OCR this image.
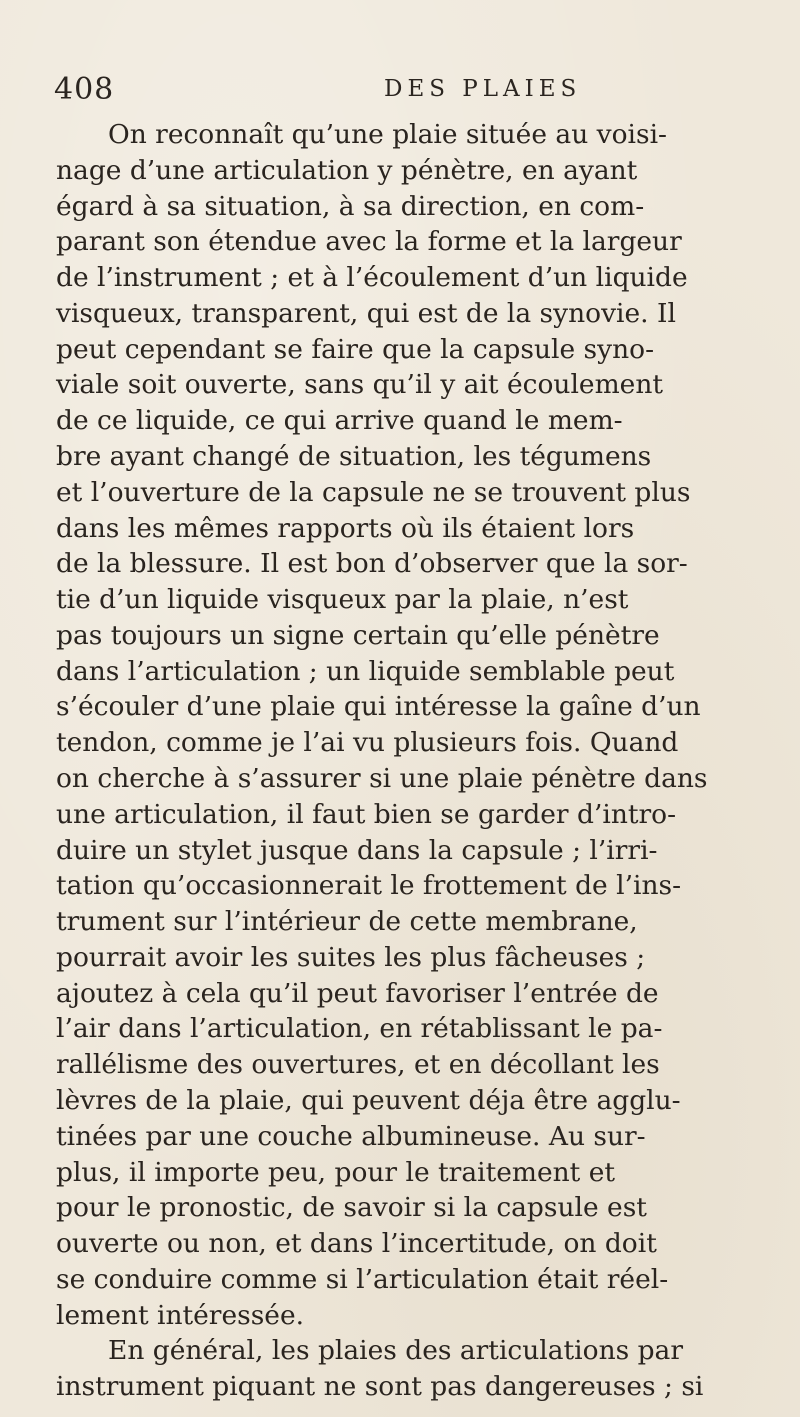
408	DES PLAIES
On reconnaît qu’une plaie située au voisi-
nage d’une articulation y pénètre, en ayant
égard à sa situation, à sa direction, en com-
parant son étendue avec la forme et la largeur
de l’instrument ; et à l’écoulement d’un liquide
visqueux, transparent, qui est de la synovie. Il
peut cependant se faire que la capsule syno-
viale soit ouverte, sans qu’il y ait écoulement
de ce liquide, ce qui arrive quand le mem-
bre ayant changé de situation, les tégumens
et l’ouverture de la capsule ne se trouvent plus
dans les mêmes rapports où ils étaient lors
de la blessure. Il est bon d’observer que la sor-
tie d’un liquide visqueux par la plaie, n’est
pas toujours un signe certain qu’elle pénètre
dans l’articulation ; un liquide semblable peut
s’écouler d’une plaie qui intéresse la gaîne d’un
tendon, comme je l’ai vu plusieurs fois. Quand
on cherche à s’assurer si une plaie pénètre dans
une articulation, il faut bien se garder d’intro-
duire un stylet jusque dans la capsule ; l’irri-
tation qu’occasionnerait le frottement de l’ins-
trument sur l’intérieur de cette membrane,
pourrait avoir les suites les plus fâcheuses ;
ajoutez à cela qu’il peut favoriser l’entrée de
l’air dans l’articulation, en rétablissant le pa-
rallélisme des ouvertures, et en décollant les
lèvres de la plaie, qui peuvent déja être agglu-
tinées par une couche albumineuse. Au sur-
plus, il importe peu, pour le traitement et
pour le pronostic, de savoir si la capsule est
ouverte ou non, et dans l’incertitude, on doit
se conduire comme si l’articulation était réel-
lement intéressée.
En général, les plaies des articulations par
instrument piquant ne sont pas dangereuses ; si
